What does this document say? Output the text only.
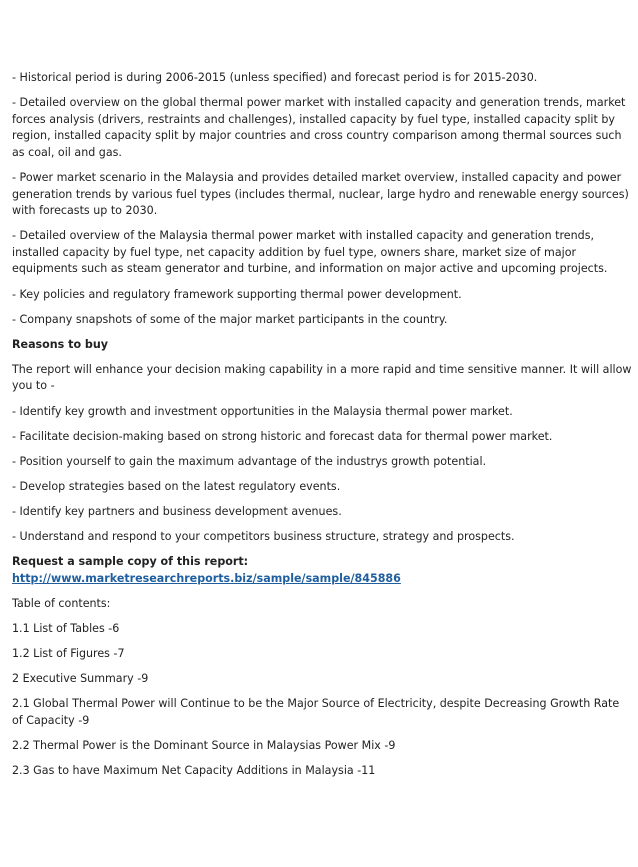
- Historical period is during 2006-2015 (unless specified) and forecast period is for 2015-2030.

- Detailed overview on the global thermal power market with installed capacity and generation trends, market forces analysis (drivers, restraints and challenges), installed capacity by fuel type, installed capacity split by region, installed capacity split by major countries and cross country comparison among thermal sources such as coal, oil and gas.

- Power market scenario in the Malaysia and provides detailed market overview, installed capacity and power generation trends by various fuel types (includes thermal, nuclear, large hydro and renewable energy sources) with forecasts up to 2030.

- Detailed overview of the Malaysia thermal power market with installed capacity and generation trends, installed capacity by fuel type, net capacity addition by fuel type, owners share, market size of major equipments such as steam generator and turbine, and information on major active and upcoming projects.

- Key policies and regulatory framework supporting thermal power development.

- Company snapshots of some of the major market participants in the country.

Reasons to buy

The report will enhance your decision making capability in a more rapid and time sensitive manner. It will allow you to -

- Identify key growth and investment opportunities in the Malaysia thermal power market.

- Facilitate decision-making based on strong historic and forecast data for thermal power market.

- Position yourself to gain the maximum advantage of the industrys growth potential.

- Develop strategies based on the latest regulatory events.

- Identify key partners and business development avenues.

- Understand and respond to your competitors business structure, strategy and prospects.

Request a sample copy of this report:

http://www.marketresearchreports.biz/sample/sample/845886

Table of contents:

1.1 List of Tables -6

1.2 List of Figures -7

2 Executive Summary -9

2.1 Global Thermal Power will Continue to be the Major Source of Electricity, despite Decreasing Growth Rate of Capacity -9

2.2 Thermal Power is the Dominant Source in Malaysias Power Mix -9

2.3 Gas to have Maximum Net Capacity Additions in Malaysia -11
